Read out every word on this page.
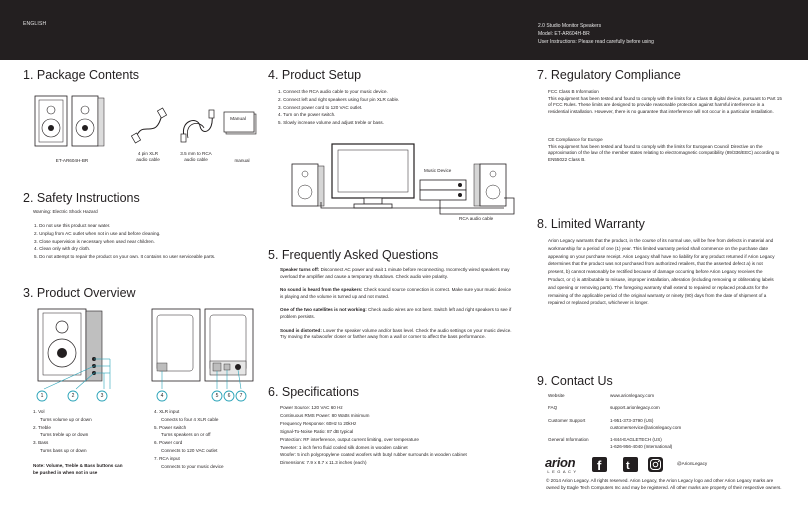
ENGLISH	2.0 Studio Monitor Speakers
Model: ET-AR604H-BR
User Instructions: Please read carefully before using
1. Package Contents
ET-AR604H-BR
4 pin XLR
audio cable
3.5 mm to RCA
audio cable
Manual
manual
2. Safety Instructions
Warning: Electric Shock Hazard
1. Do not use this product near water.
2. Unplug from AC outlet when not in use and before cleaning.
3. Close supervision is necessary when used near children.
4. Clean only with dry cloth.
5. Do not attempt to repair the product on your own. It contains no user serviceable parts.
3. Product Overview
1	2	3	4	5	6	7
1. Vol
Turns volume up or down
2. Treble
Turns treble up or down
3. Bass
Turns bass up or down
4. XLR input
Conects to four 4 XLR cable
5. Power switch
Turns speakers on or off
6. Power cord
Connects to 120 VAC outlet
7. RCA input
Connects to your music device
Note: Volume, Treble & Bass buttons can be pushed in when not in use
4. Product Setup
1. Connect the RCA audio cable to your music device.
2. Connect left and right speakers using four pin XLR cable.
3. Connect power cord to 120 VAC outlet.
4. Turn on the power switch.
5. Slowly increase volume and adjust treble or bass.
Music Device
RCA audio cable
5. Frequently Asked Questions

Speaker turns off: Disconnect AC power and wait 1 minute before reconnecting. Incorrectly wired speakers may overload the amplifier and cause a temporary shutdown. Check audio wire polarity.

No sound is heard from the speakers: Check sound source connection is correct. Make sure your music device is playing and the volume is turned up and not muted.

One of the two satellites is not working: Check audio wires are not bent. Switch left and right speakers to see if problem persists.

Sound is distorted: Lower the speaker volume and/or bass level. Check the audio settings on your music device. Try moving the subwoofer closer or farther away from a wall or corner to affect the bass performance.

6. Specifications
Power Source: 120 VAC 60 Hz
Continuous RMS Power: 80 Watts minimum
Frequency Response: 60Hz to 20kHz
Signal-To-Noise Ratio: 87 dB typical
Protection: RF interference, output current limiting, over temperature
Tweeter: 1 inch ferro fluid cooled silk domes in wooden cabinet
Woofer: 5 inch polypropylene coated woofers with butyl rubber surrounds in wooden cabinet
Dimensions: 7.9 x 8.7 x 11.3 inches (each)
7. Regulatory Compliance
FCC Class B Information
This equipment has been tested and found to comply with the limits for a Class B digital device, pursuant to Part 15 of FCC Rules. These limits are designed to provide reasonable protection against harmful interference in a residential installation. However, there is no guarantee that interference will not occur in a particular installation.
CE Compliance for Europe
This equipment has been tested and found to comply with the limits for European Council Directive on the approximation of the law of the member states relating to electromagnetic compatibility (89/336/EEC) according to EN55022 Class B.
8. Limited Warranty
Arion Legacy warrants that the product, in the course of its normal use, will be free from defects in material and workmanship for a period of one (1) year. This limited warranty period shall commence on the purchase date appearing on your purchase receipt. Arion Legacy shall have no liability for any product returned if Arion Legacy determines that the product was not purchased from authorized retailers, that the asserted defect a) is not present, b) cannot reasonably be rectified because of damage occurring before Arion Legacy receives the Product, or c) is attributable to misuse, improper installation, alteration (including removing or obliterating labels and opening or removing parts). The foregoing warranty shall extend to repaired or replaced products for the remaining of the applicable period of the original warranty or ninety (90) days from the date of shipment of a repaired or replaced product, whichever is longer.
9. Contact Us
Website	www.arionlegacy.com
FAQ	support.arionlegacy.com
Customer Support	1-951-373-3790 (US)
customerservice@arionlegacy.com
General Information	1-844-EAGLETECH (US)
1-626-956-4040 (International)
arion
LEGACY f t	@ArionLegacy
© 2014 Arion Legacy. All rights reserved. Arion Legacy, the Arion Legacy logo and other Arion Legacy marks are owned by Eagle Tech Computers Inc and may be registered. All other marks are property of their respective owners.
